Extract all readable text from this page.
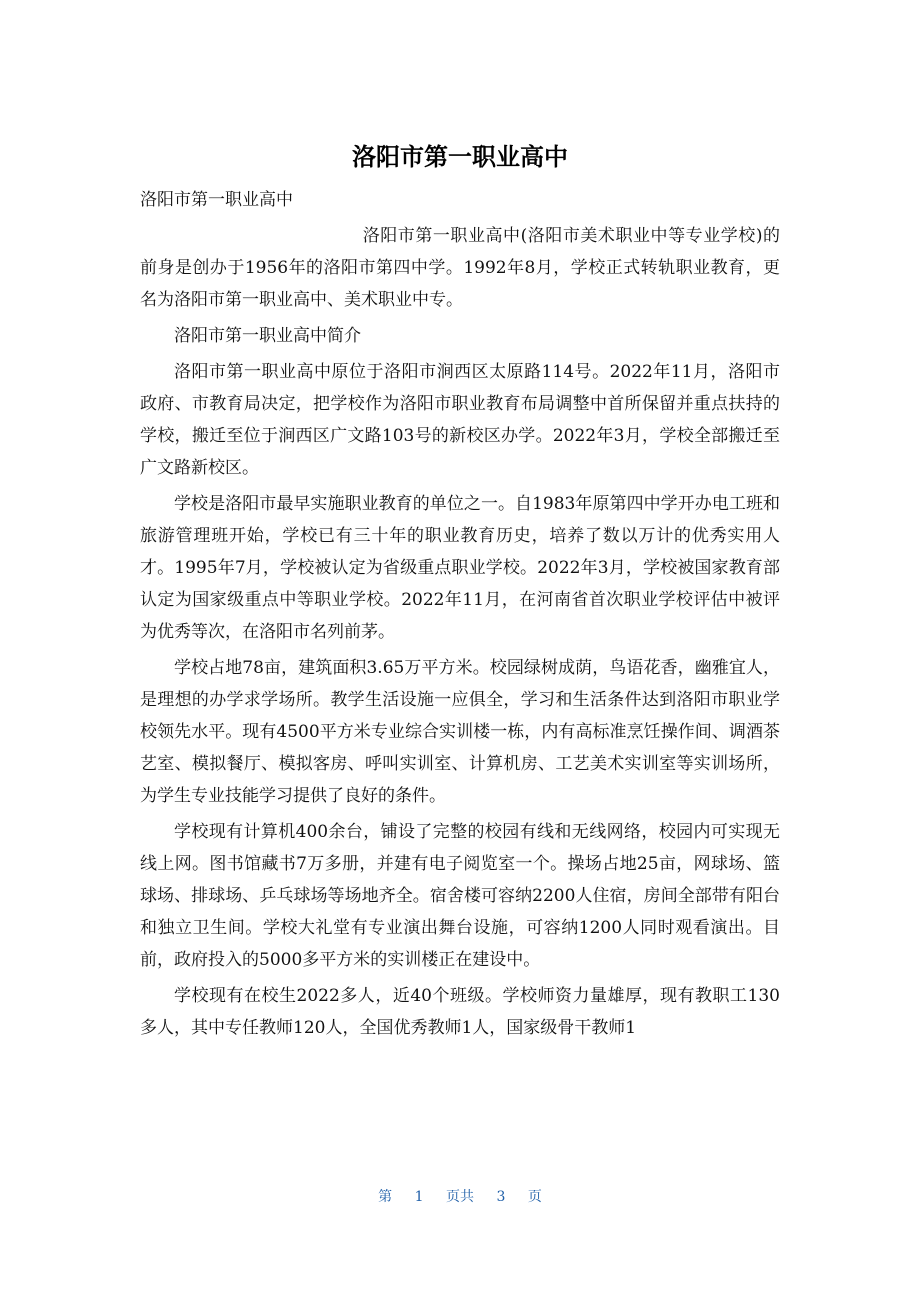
洛阳市第一职业高中

洛阳市第一职业高中

洛阳市第一职业高中(洛阳市美术职业中等专业学校)的前身是创办于1956年的洛阳市第四中学。1992年8月，学校正式转轨职业教育，更名为洛阳市第一职业高中、美术职业中专。

洛阳市第一职业高中简介

洛阳市第一职业高中原位于洛阳市涧西区太原路114号。2022年11月，洛阳市政府、市教育局决定，把学校作为洛阳市职业教育布局调整中首所保留并重点扶持的学校，搬迁至位于涧西区广文路103号的新校区办学。2022年3月，学校全部搬迁至广文路新校区。

学校是洛阳市最早实施职业教育的单位之一。自1983年原第四中学开办电工班和旅游管理班开始，学校已有三十年的职业教育历史，培养了数以万计的优秀实用人才。1995年7月，学校被认定为省级重点职业学校。2022年3月，学校被国家教育部认定为国家级重点中等职业学校。2022年11月，在河南省首次职业学校评估中被评为优秀等次，在洛阳市名列前茅。

学校占地78亩，建筑面积3.65万平方米。校园绿树成荫，鸟语花香，幽雅宜人，是理想的办学求学场所。教学生活设施一应俱全，学习和生活条件达到洛阳市职业学校领先水平。现有4500平方米专业综合实训楼一栋，内有高标准烹饪操作间、调酒茶艺室、模拟餐厅、模拟客房、呼叫实训室、计算机房、工艺美术实训室等实训场所，为学生专业技能学习提供了良好的条件。

学校现有计算机400余台，铺设了完整的校园有线和无线网络，校园内可实现无线上网。图书馆藏书7万多册，并建有电子阅览室一个。操场占地25亩，网球场、篮球场、排球场、乒乓球场等场地齐全。宿舍楼可容纳2200人住宿，房间全部带有阳台和独立卫生间。学校大礼堂有专业演出舞台设施，可容纳1200人同时观看演出。目前，政府投入的5000多平方米的实训楼正在建设中。

学校现有在校生2022多人，近40个班级。学校师资力量雄厚，现有教职工130多人，其中专任教师120人，全国优秀教师1人，国家级骨干教师1

第 1 页共 3 页
